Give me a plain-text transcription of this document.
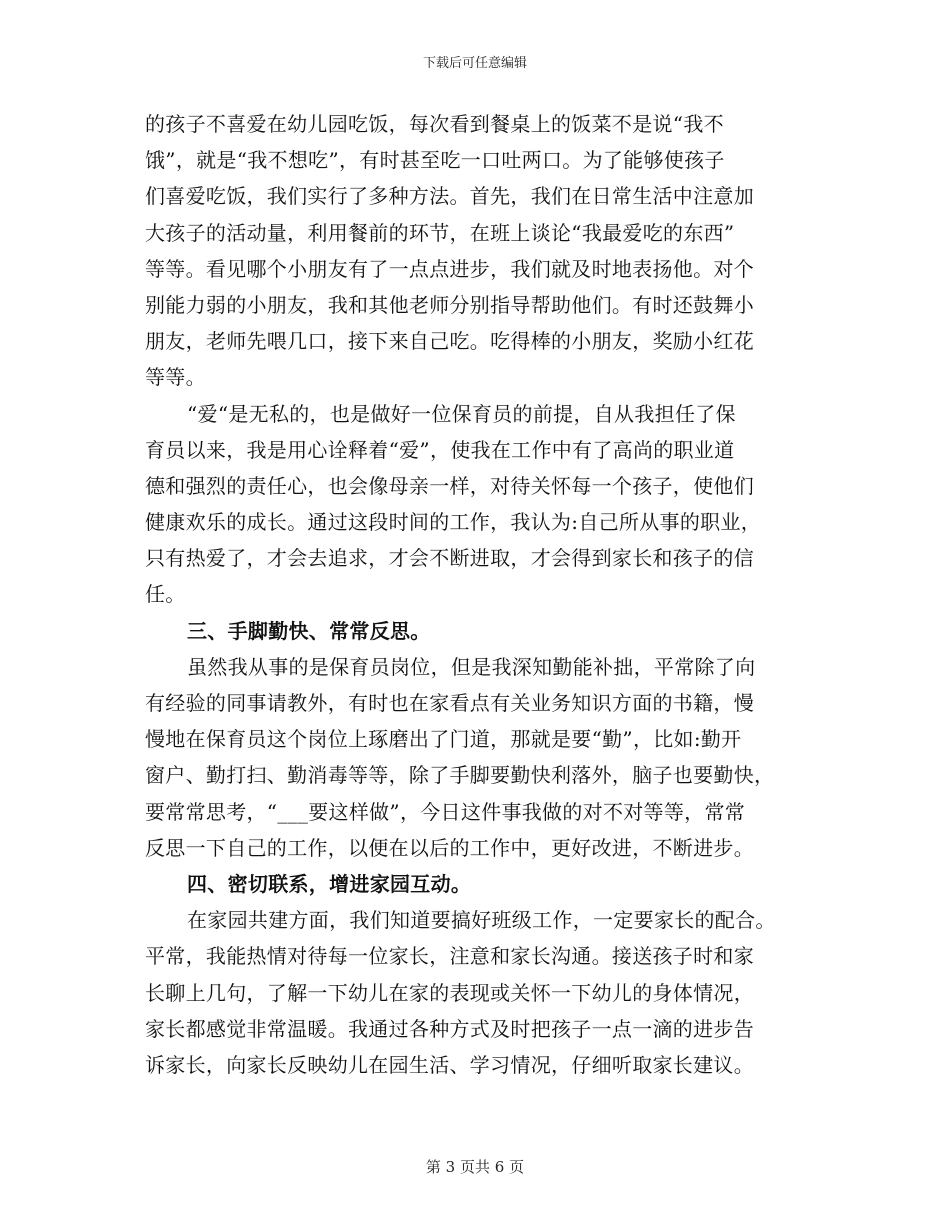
下载后可任意编辑
的孩子不喜爱在幼儿园吃饭，每次看到餐桌上的饭菜不是说“我不
饿”，就是“我不想吃”，有时甚至吃一口吐两口。为了能够使孩子
们喜爱吃饭，我们实行了多种方法。首先，我们在日常生活中注意加
大孩子的活动量，利用餐前的环节，在班上谈论“我最爱吃的东西”
等等。看见哪个小朋友有了一点点进步，我们就及时地表扬他。对个
别能力弱的小朋友，我和其他老师分别指导帮助他们。有时还鼓舞小
朋友，老师先喂几口，接下来自己吃。吃得棒的小朋友，奖励小红花
等等。
“爱“是无私的，也是做好一位保育员的前提，自从我担任了保
育员以来，我是用心诠释着“爱”，使我在工作中有了高尚的职业道
德和强烈的责任心，也会像母亲一样，对待关怀每一个孩子，使他们
健康欢乐的成长。通过这段时间的工作，我认为:自己所从事的职业，
只有热爱了，才会去追求，才会不断进取，才会得到家长和孩子的信
任。
三、手脚勤快、常常反思。
虽然我从事的是保育员岗位，但是我深知勤能补拙，平常除了向
有经验的同事请教外，有时也在家看点有关业务知识方面的书籍，慢
慢地在保育员这个岗位上琢磨出了门道，那就是要“勤”，比如:勤开
窗户、勤打扫、勤消毒等等，除了手脚要勤快利落外，脑子也要勤快，
要常常思考，“___要这样做”，今日这件事我做的对不对等等，常常
反思一下自己的工作，以便在以后的工作中，更好改进，不断进步。
四、密切联系，增进家园互动。
在家园共建方面，我们知道要搞好班级工作，一定要家长的配合。
平常，我能热情对待每一位家长，注意和家长沟通。接送孩子时和家
长聊上几句，了解一下幼儿在家的表现或关怀一下幼儿的身体情况，
家长都感觉非常温暖。我通过各种方式及时把孩子一点一滴的进步告
诉家长，向家长反映幼儿在园生活、学习情况，仔细听取家长建议。
第 3 页共 6 页
